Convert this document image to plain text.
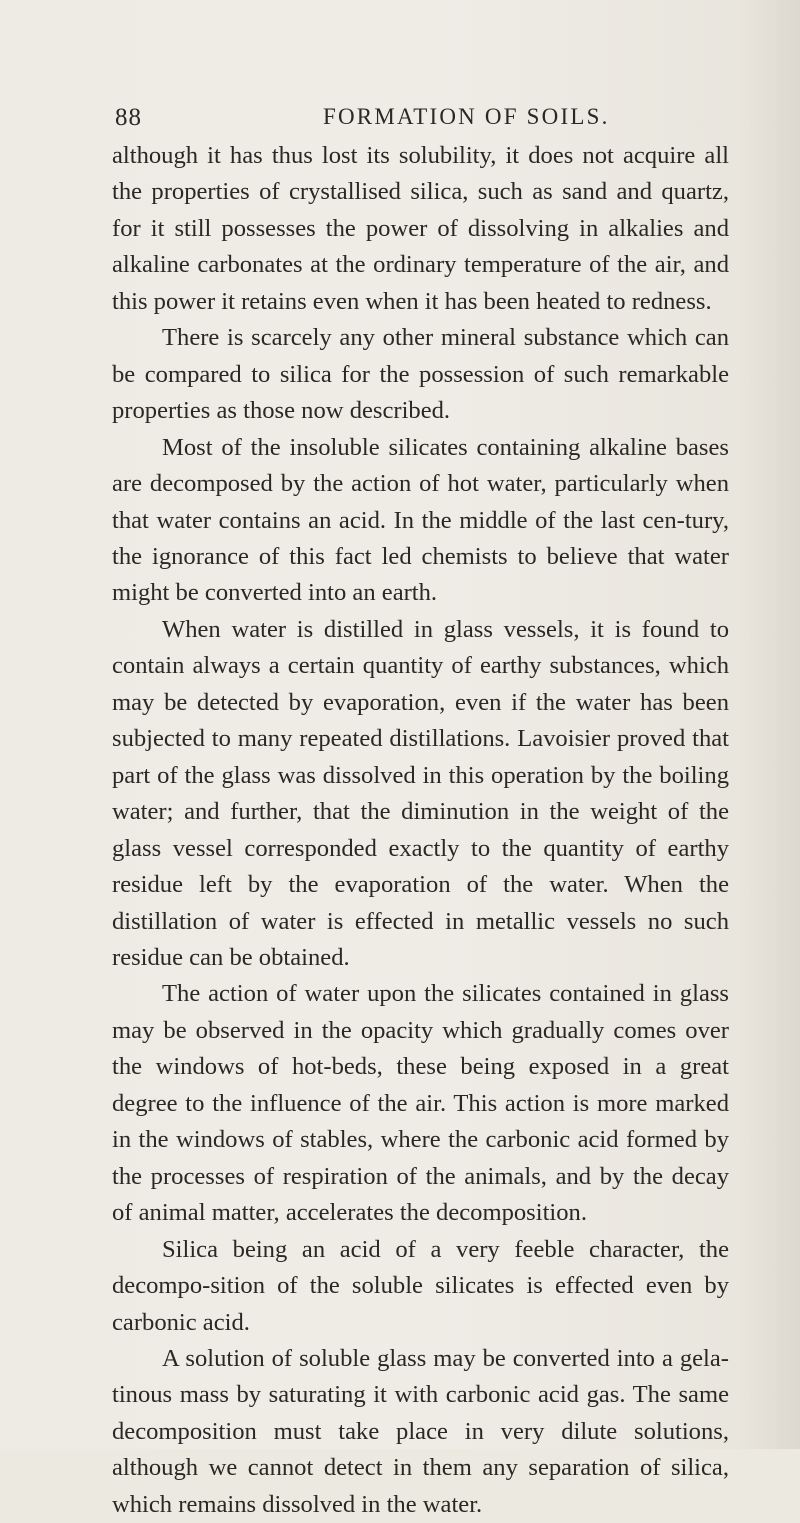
88	FORMATION OF SOILS.

although it has thus lost its solubility, it does not acquire all the properties of crystallised silica, such as sand and quartz, for it still possesses the power of dissolving in alkalies and alkaline carbonates at the ordinary temperature of the air, and this power it retains even when it has been heated to redness.

There is scarcely any other mineral substance which can be compared to silica for the possession of such remarkable properties as those now described.

Most of the insoluble silicates containing alkaline bases are decomposed by the action of hot water, particularly when that water contains an acid. In the middle of the last cen-tury, the ignorance of this fact led chemists to believe that water might be converted into an earth.

When water is distilled in glass vessels, it is found to contain always a certain quantity of earthy substances, which may be detected by evaporation, even if the water has been subjected to many repeated distillations. Lavoisier proved that part of the glass was dissolved in this operation by the boiling water; and further, that the diminution in the weight of the glass vessel corresponded exactly to the quantity of earthy residue left by the evaporation of the water. When the distillation of water is effected in metallic vessels no such residue can be obtained.

The action of water upon the silicates contained in glass may be observed in the opacity which gradually comes over the windows of hot-beds, these being exposed in a great degree to the influence of the air. This action is more marked in the windows of stables, where the carbonic acid formed by the processes of respiration of the animals, and by the decay of animal matter, accelerates the decomposition.

Silica being an acid of a very feeble character, the decompo-sition of the soluble silicates is effected even by carbonic acid.

A solution of soluble glass may be converted into a gela-tinous mass by saturating it with carbonic acid gas. The same decomposition must take place in very dilute solutions, although we cannot detect in them any separation of silica, which remains dissolved in the water.
